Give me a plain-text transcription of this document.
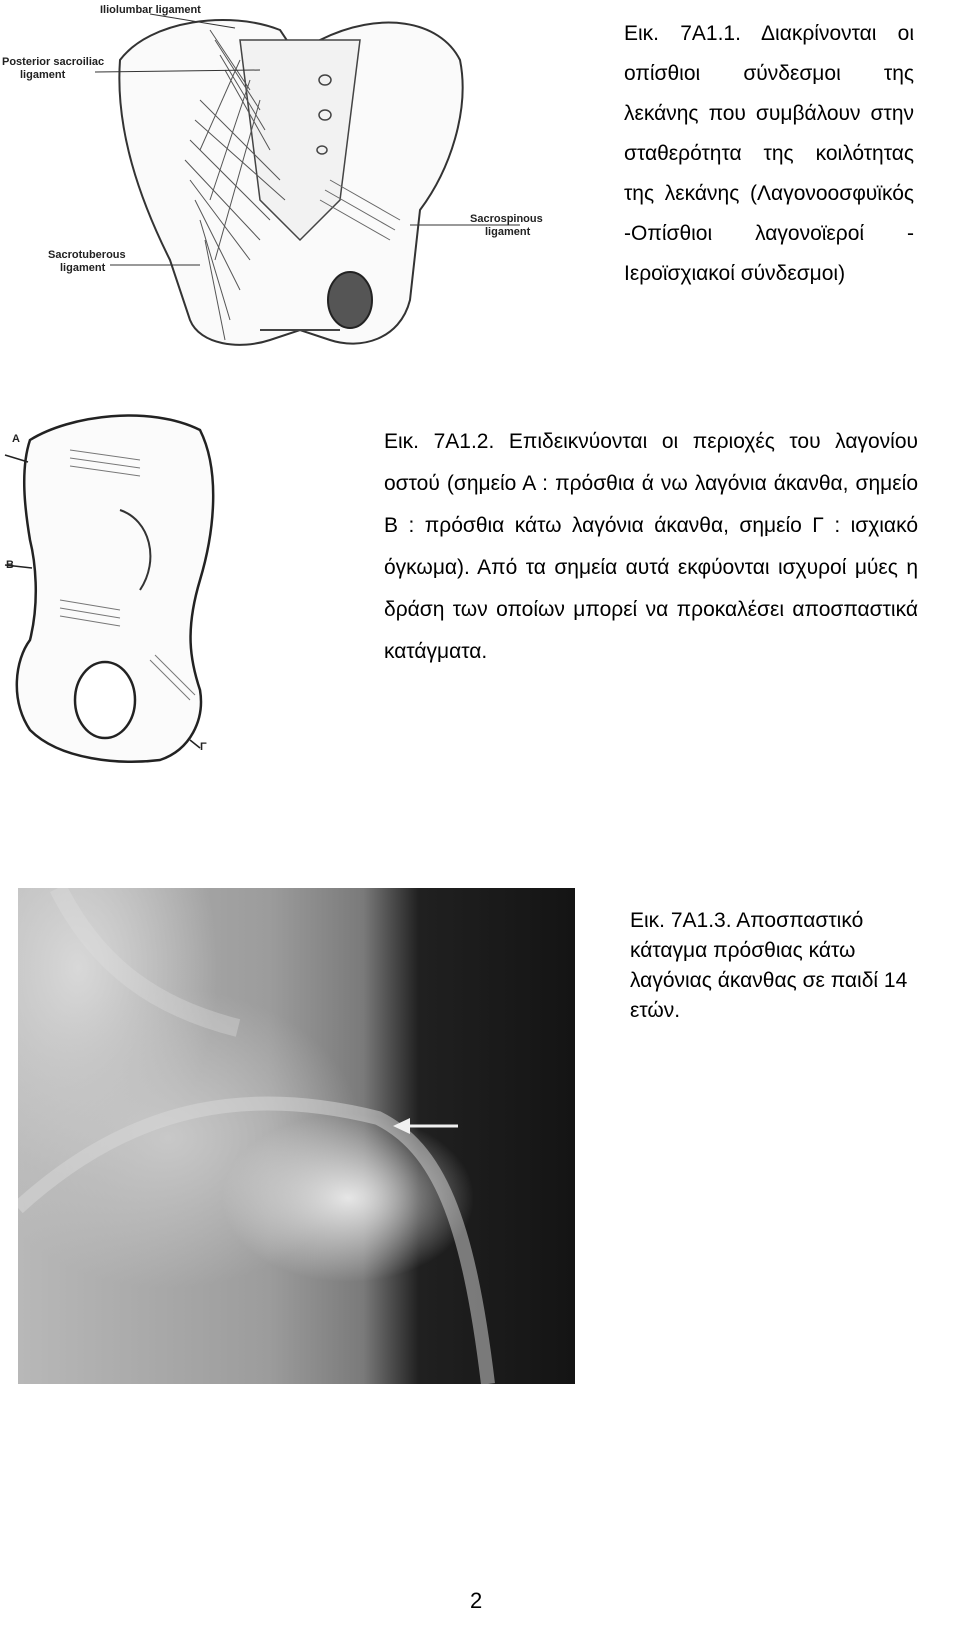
Iliolumbar ligament
Posterior sacroiliac
ligament
Sacrospinous
ligament
Sacrotuberous
ligament
Εικ. 7Α1.1. Διακρίνονται οι οπίσθιοι σύνδεσμοι της λεκάνης που συμβάλουν στην σταθερότητα της κοιλότητας της λεκάνης (Λαγονοοσφυϊκός -Οπίσθιοι λαγονοϊεροί - Ιεροϊσχιακοί σύνδεσμοι)
A
B
Γ
Εικ. 7Α1.2. Επιδεικνύονται οι περιοχές του λαγονίου οστού (σημείο Α : πρόσθια ά νω λαγόνια άκανθα, σημείο Β : πρόσθια κάτω λαγόνια άκανθα, σημείο Γ : ισχιακό όγκωμα). Από τα σημεία αυτά εκφύονται ισχυροί μύες η δράση των οποίων μπορεί να προκαλέσει αποσπαστικά κατάγματα.
Εικ. 7Α1.3. Αποσπαστικό κάταγμα πρόσθιας κάτω λαγόνιας άκανθας σε παιδί 14 ετών.
2
